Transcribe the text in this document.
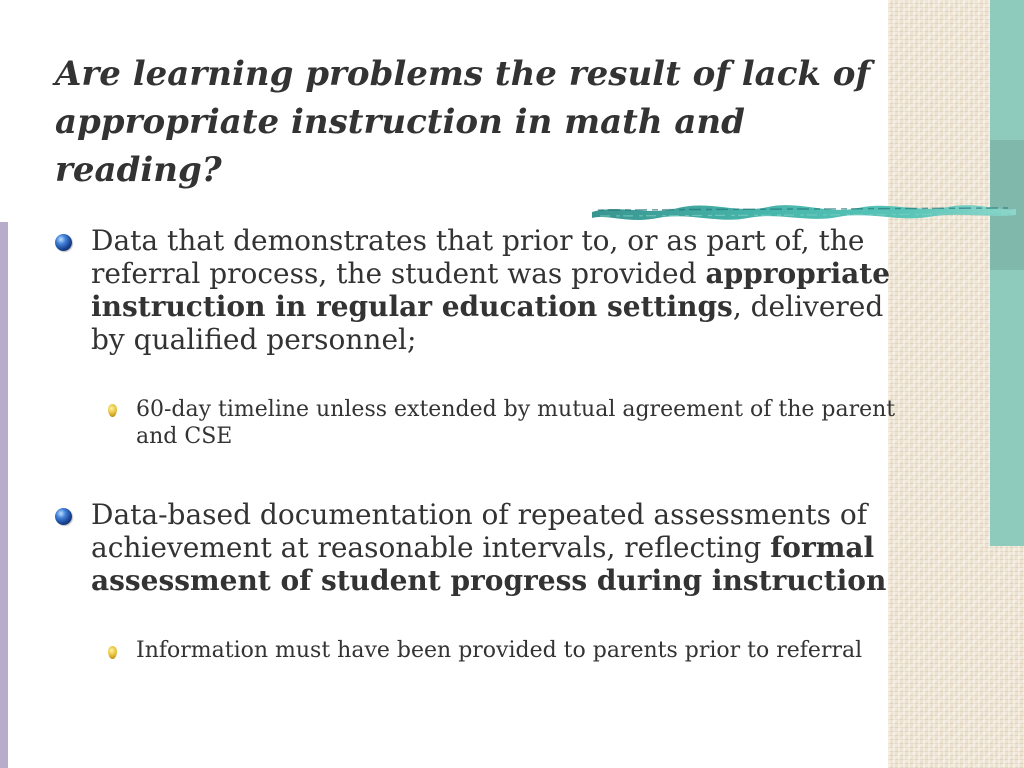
Are learning problems the result of lack of appropriate instruction in math and reading?
Data that demonstrates that prior to, or as part of, the referral process, the student was provided appropriate instruction in regular education settings, delivered by qualified personnel;
60-day timeline unless extended by mutual agreement of the parent and CSE
Data-based documentation of repeated assessments of achievement at reasonable intervals, reflecting formal assessment of student progress during instruction
Information must have been provided to parents prior to referral
